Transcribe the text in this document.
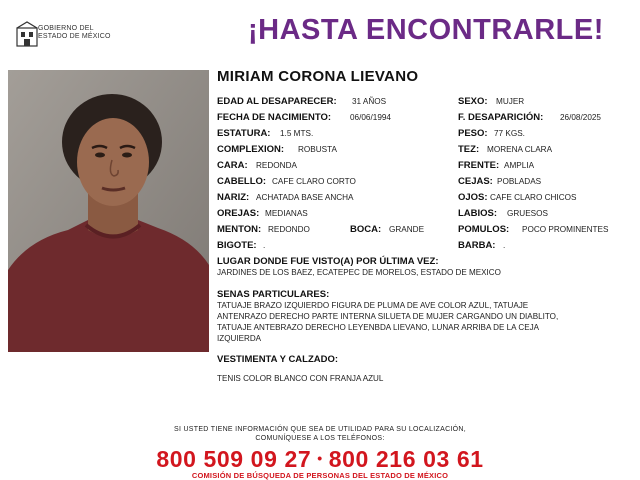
GOBIERNO DEL
ESTADO DE MÉXICO	¡HASTA ENCONTRARLE!
MIRIAM CORONA LIEVANO
EDAD AL DESAPARECER: 31 AÑOS	SEXO: MUJER
FECHA DE NACIMIENTO: 06/06/1994	F. DESAPARICIÓN: 26/08/2025
ESTATURA: 1.5 MTS.	PESO: 77 KGS.
COMPLEXION: ROBUSTA	TEZ: MORENA CLARA
CARA: REDONDA	FRENTE: AMPLIA
CABELLO: CAFE CLARO CORTO	CEJAS: POBLADAS
NARIZ: ACHATADA BASE ANCHA	OJOS: CAFE CLARO CHICOS
OREJAS: MEDIANAS	LABIOS: GRUESOS
MENTON: REDONDO	BOCA: GRANDE	POMULOS: POCO PROMINENTES
BIGOTE: .	BARBA: .
LUGAR DONDE FUE VISTO(A) POR ÚLTIMA VEZ:
JARDINES DE LOS BAEZ, ECATEPEC DE MORELOS, ESTADO DE MEXICO
SENAS PARTICULARES:
TATUAJE BRAZO IZQUIERDO FIGURA DE PLUMA DE AVE COLOR AZUL, TATUAJE
ANTENRAZO DERECHO PARTE INTERNA SILUETA DE MUJER CARGANDO UN DIABLITO,
TATUAJE ANTEBRAZO DERECHO LEYENBDA LIEVANO, LUNAR ARRIBA DE LA CEJA
IZQUIERDA
VESTIMENTA Y CALZADO:
TENIS COLOR BLANCO CON FRANJA AZUL
SI USTED TIENE INFORMACIÓN QUE SEA DE UTILIDAD PARA SU LOCALIZACIÓN,
COMUNÍQUESE A LOS TELÉFONOS:
800 509 09 27 • 800 216 03 61
COMISIÓN DE BÚSQUEDA DE PERSONAS DEL ESTADO DE MÉXICO
